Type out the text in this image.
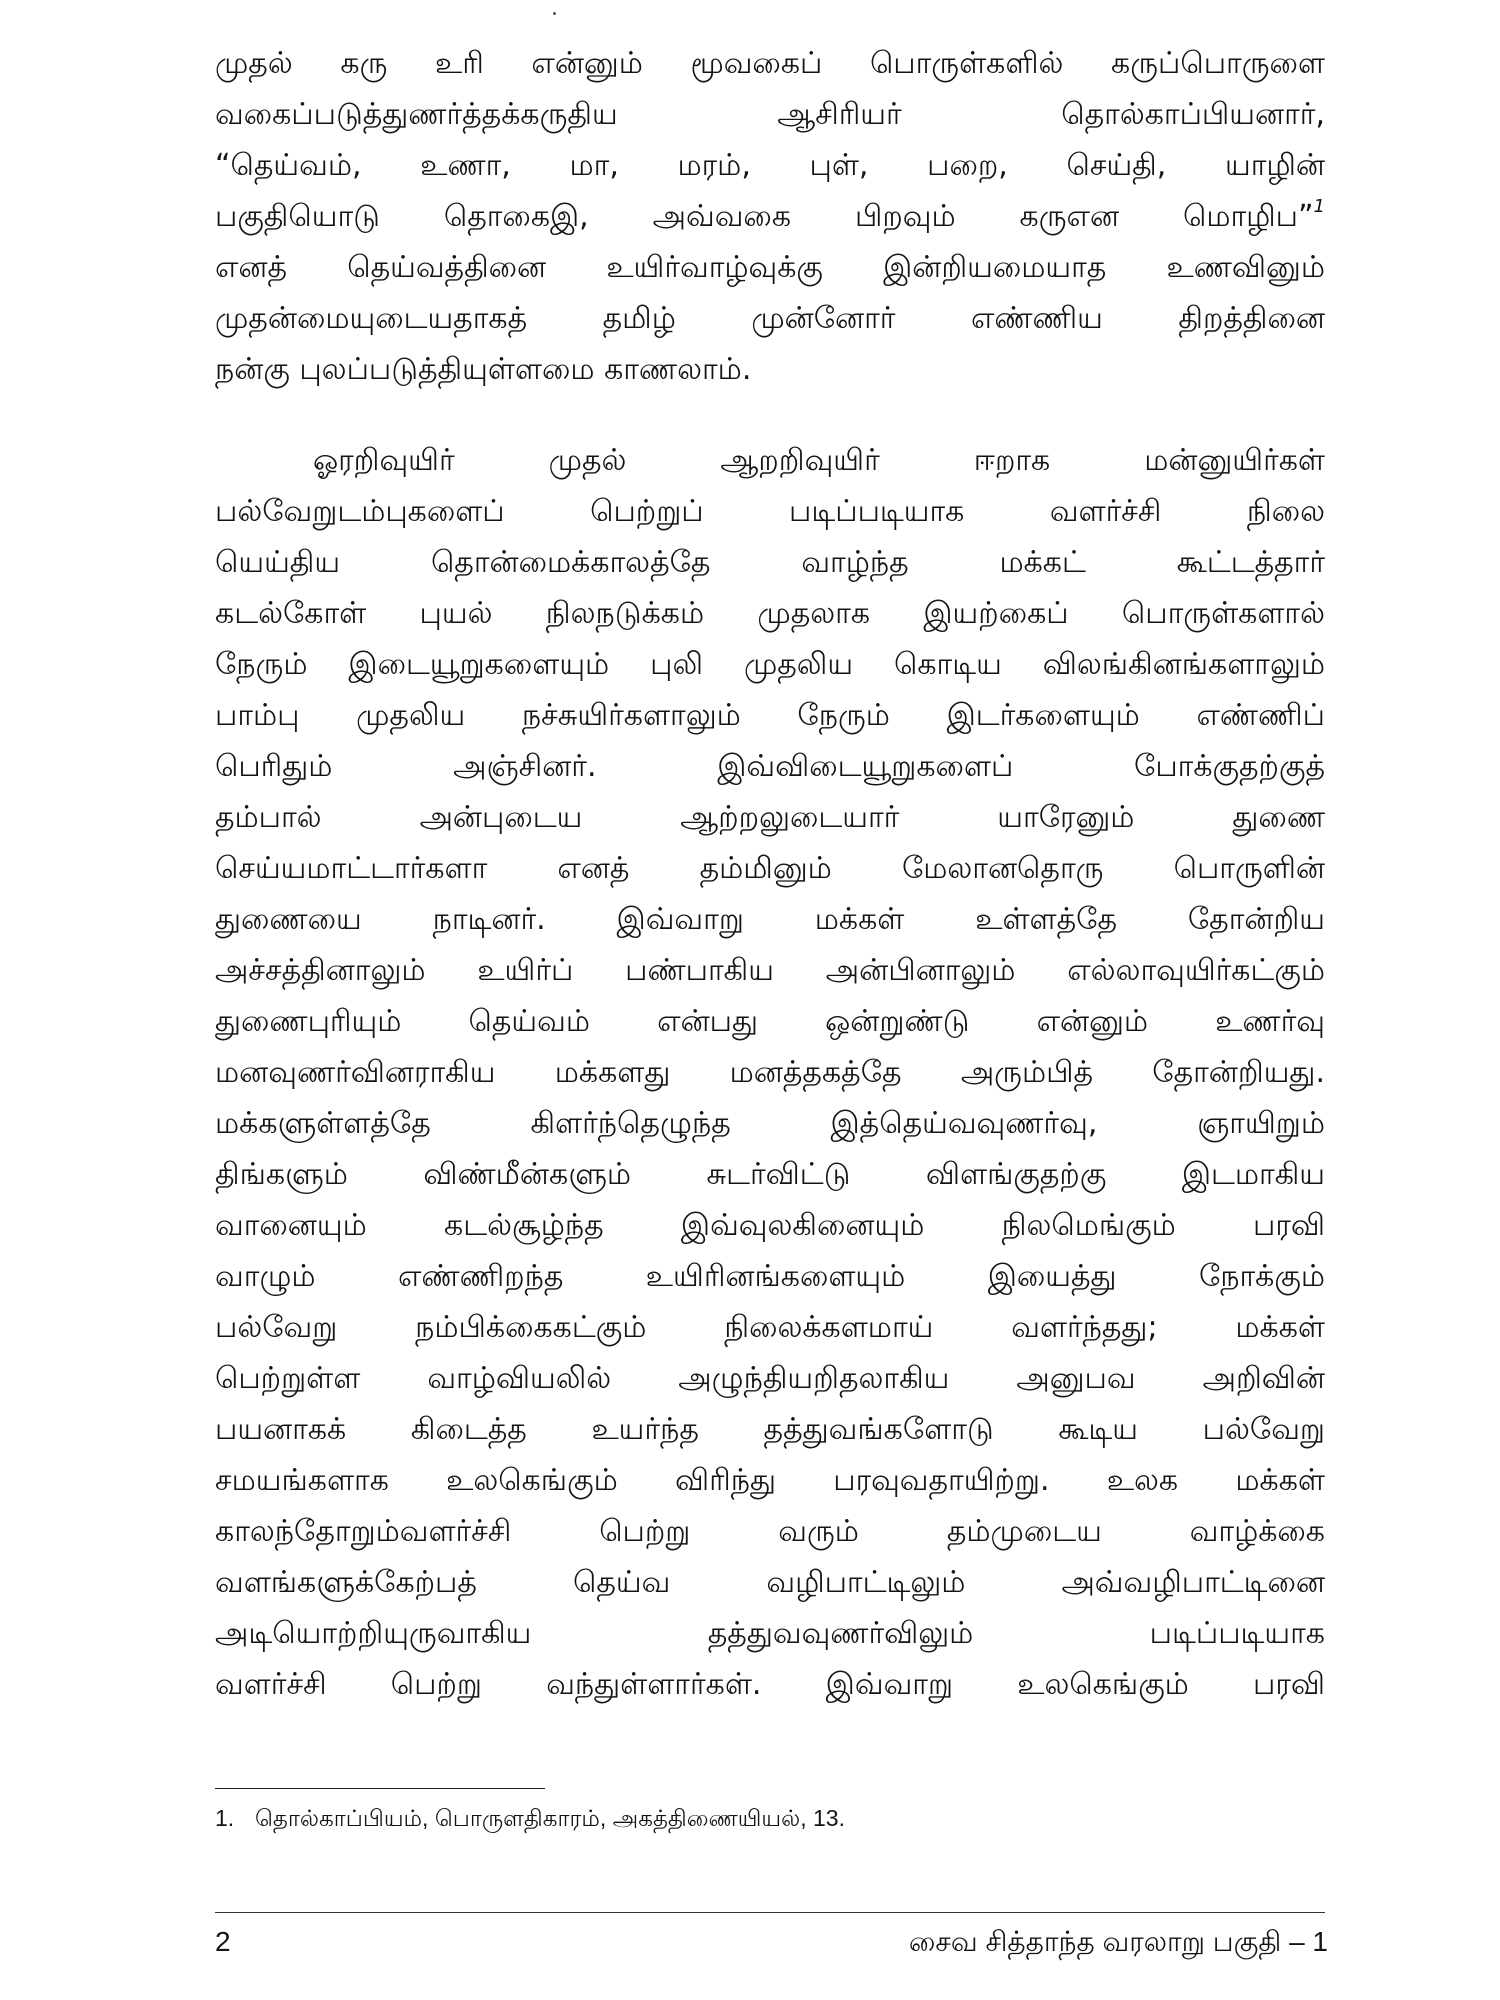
முதல் கரு உரி என்னும் மூவகைப் பொருள்களில் கருப்பொருளை
வகைப்படுத்துணர்த்தக்கருதிய ஆசிரியர் தொல்காப்பியனார்,
“தெய்வம், உணா, மா, மரம், புள், பறை, செய்தி, யாழின்
பகுதியொடு தொகைஇ, அவ்வகை பிறவும் கருஎன மொழிப”$^1$
எனத் தெய்வத்தினை உயிர்வாழ்வுக்கு இன்றியமையாத உணவினும்
முதன்மையுடையதாகத் தமிழ் முன்னோர் எண்ணிய திறத்தினை
நன்கு புலப்படுத்தியுள்ளமை காணலாம்.
ஓரறிவுயிர் முதல் ஆறறிவுயிர் ஈறாக மன்னுயிர்கள்
பல்வேறுடம்புகளைப் பெற்றுப் படிப்படியாக வளர்ச்சி நிலை
யெய்திய தொன்மைக்காலத்தே வாழ்ந்த மக்கட் கூட்டத்தார்
கடல்கோள் புயல் நிலநடுக்கம் முதலாக இயற்கைப் பொருள்களால்
நேரும் இடையூறுகளையும் புலி முதலிய கொடிய விலங்கினங்களாலும்
பாம்பு முதலிய நச்சுயிர்களாலும் நேரும் இடர்களையும் எண்ணிப்
பெரிதும் அஞ்சினர். இவ்விடையூறுகளைப் போக்குதற்குத்
தம்பால் அன்புடைய ஆற்றலுடையார் யாரேனும் துணை
செய்யமாட்டார்களா எனத் தம்மினும் மேலானதொரு பொருளின்
துணையை நாடினர். இவ்வாறு மக்கள் உள்ளத்தே தோன்றிய
அச்சத்தினாலும் உயிர்ப் பண்பாகிய அன்பினாலும் எல்லாவுயிர்கட்கும்
துணைபுரியும் தெய்வம் என்பது ஒன்றுண்டு என்னும் உணர்வு
மனவுணர்வினராகிய மக்களது மனத்தகத்தே அரும்பித் தோன்றியது.
மக்களுள்ளத்தே கிளர்ந்தெழுந்த இத்தெய்வவுணர்வு, ஞாயிறும்
திங்களும் விண்மீன்களும் சுடர்விட்டு விளங்குதற்கு இடமாகிய
வானையும் கடல்சூழ்ந்த இவ்வுலகினையும் நிலமெங்கும் பரவி
வாழும் எண்ணிறந்த உயிரினங்களையும் இயைத்து நோக்கும்
பல்வேறு நம்பிக்கைகட்கும் நிலைக்களமாய் வளர்ந்தது; மக்கள்
பெற்றுள்ள வாழ்வியலில் அழுந்தியறிதலாகிய அனுபவ அறிவின்
பயனாகக் கிடைத்த உயர்ந்த தத்துவங்களோடு கூடிய பல்வேறு
சமயங்களாக உலகெங்கும் விரிந்து பரவுவதாயிற்று. உலக மக்கள்
காலந்தோறும்வளர்ச்சி பெற்று வரும் தம்முடைய வாழ்க்கை
வளங்களுக்கேற்பத் தெய்வ வழிபாட்டிலும் அவ்வழிபாட்டினை
அடியொற்றியுருவாகிய தத்துவவுணர்விலும் படிப்படியாக
வளர்ச்சி பெற்று வந்துள்ளார்கள். இவ்வாறு உலகெங்கும் பரவி
1. தொல்காப்பியம், பொருளதிகாரம், அகத்திணையியல், 13.
2	சைவ சித்தாந்த வரலாறு பகுதி – 1
